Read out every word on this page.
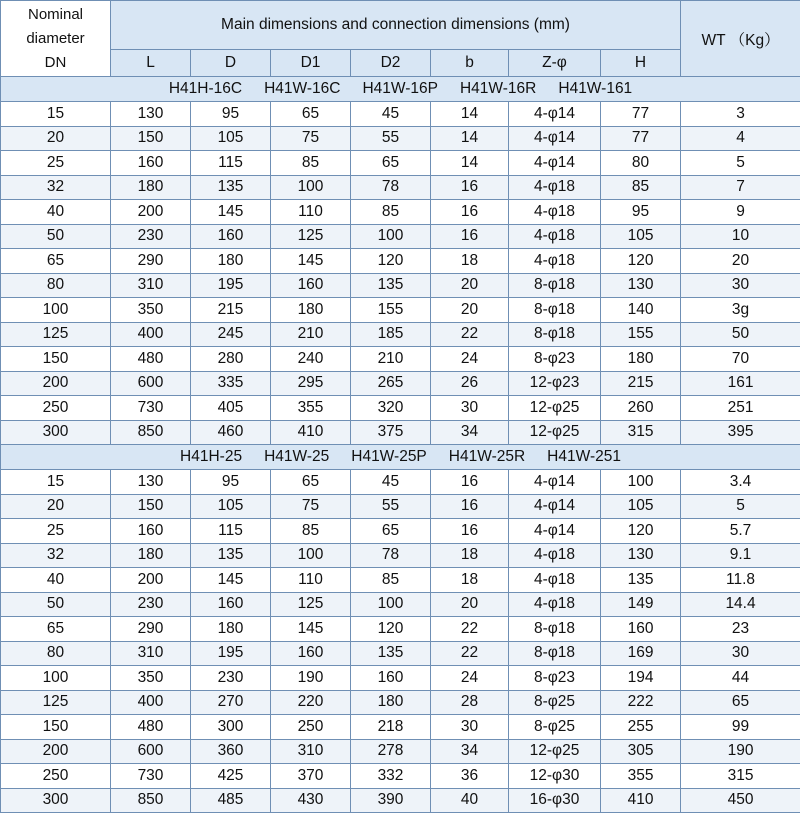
Nominal
diameter
DN	Main dimensions and connection dimensions (mm)							WT （Kg）
	L	D	D1	D2	b	Z-φ	H	
H41H-16C H41W-16C H41W-16P H41W-16R H41W-161								
15	130	95	65	45	14	4-φ14	77	3
20	150	105	75	55	14	4-φ14	77	4
25	160	115	85	65	14	4-φ14	80	5
32	180	135	100	78	16	4-φ18	85	7
40	200	145	110	85	16	4-φ18	95	9
50	230	160	125	100	16	4-φ18	105	10
65	290	180	145	120	18	4-φ18	120	20
80	310	195	160	135	20	8-φ18	130	30
100	350	215	180	155	20	8-φ18	140	3g
125	400	245	210	185	22	8-φ18	155	50
150	480	280	240	210	24	8-φ23	180	70
200	600	335	295	265	26	12-φ23	215	161
250	730	405	355	320	30	12-φ25	260	251
300	850	460	410	375	34	12-φ25	315	395
H41H-25 H41W-25 H41W-25P H41W-25R H41W-251								
15	130	95	65	45	16	4-φ14	100	3.4
20	150	105	75	55	16	4-φ14	105	5
25	160	115	85	65	16	4-φ14	120	5.7
32	180	135	100	78	18	4-φ18	130	9.1
40	200	145	110	85	18	4-φ18	135	11.8
50	230	160	125	100	20	4-φ18	149	14.4
65	290	180	145	120	22	8-φ18	160	23
80	310	195	160	135	22	8-φ18	169	30
100	350	230	190	160	24	8-φ23	194	44
125	400	270	220	180	28	8-φ25	222	65
150	480	300	250	218	30	8-φ25	255	99
200	600	360	310	278	34	12-φ25	305	190
250	730	425	370	332	36	12-φ30	355	315
300	850	485	430	390	40	16-φ30	410	450
